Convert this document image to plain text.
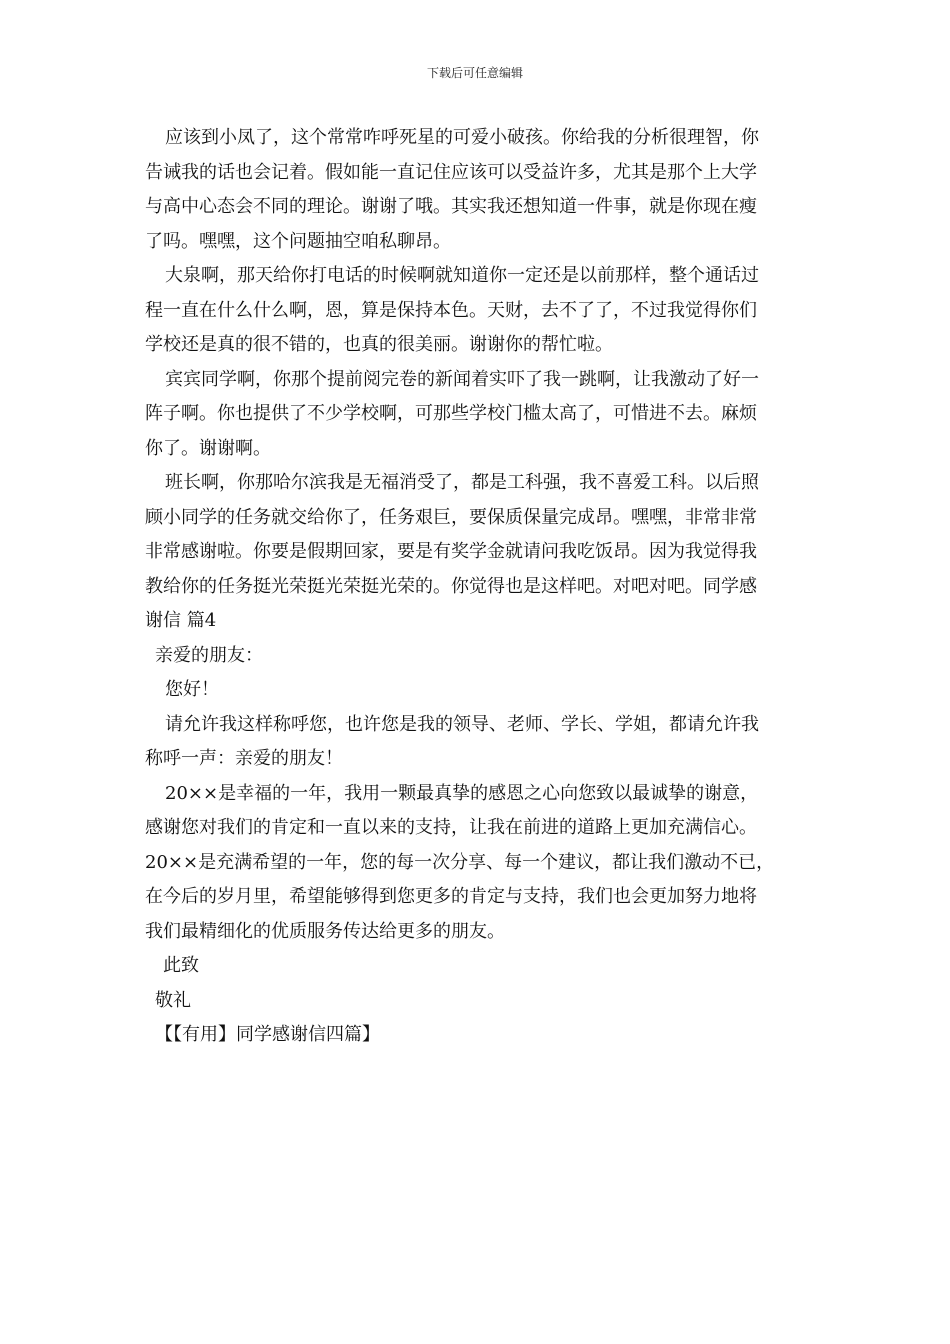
下载后可任意编辑
应该到小凤了，这个常常咋呼死星的可爱小破孩。你给我的分析很理智，你
告诫我的话也会记着。假如能一直记住应该可以受益许多，尤其是那个上大学
与高中心态会不同的理论。谢谢了哦。其实我还想知道一件事，就是你现在瘦
了吗。嘿嘿，这个问题抽空咱私聊昂。
大泉啊，那天给你打电话的时候啊就知道你一定还是以前那样，整个通话过
程一直在什么什么啊，恩，算是保持本色。天财，去不了了，不过我觉得你们
学校还是真的很不错的，也真的很美丽。谢谢你的帮忙啦。
宾宾同学啊，你那个提前阅完卷的新闻着实吓了我一跳啊，让我激动了好一
阵子啊。你也提供了不少学校啊，可那些学校门槛太高了，可惜进不去。麻烦
你了。谢谢啊。
班长啊，你那哈尔滨我是无福消受了，都是工科强，我不喜爱工科。以后照
顾小同学的任务就交给你了，任务艰巨，要保质保量完成昂。嘿嘿，非常非常
非常感谢啦。你要是假期回家，要是有奖学金就请问我吃饭昂。因为我觉得我
教给你的任务挺光荣挺光荣挺光荣的。你觉得也是这样吧。对吧对吧。同学感
谢信 篇4
亲爱的朋友：
您好！
请允许我这样称呼您，也许您是我的领导、老师、学长、学姐，都请允许我
称呼一声：亲爱的朋友！
20××是幸福的一年，我用一颗最真挚的感恩之心向您致以最诚挚的谢意，
感谢您对我们的肯定和一直以来的支持，让我在前进的道路上更加充满信心。
20××是充满希望的一年，您的每一次分享、每一个建议，都让我们激动不已，
在今后的岁月里，希望能够得到您更多的肯定与支持，我们也会更加努力地将
我们最精细化的优质服务传达给更多的朋友。
此致
敬礼
【【有用】同学感谢信四篇】
